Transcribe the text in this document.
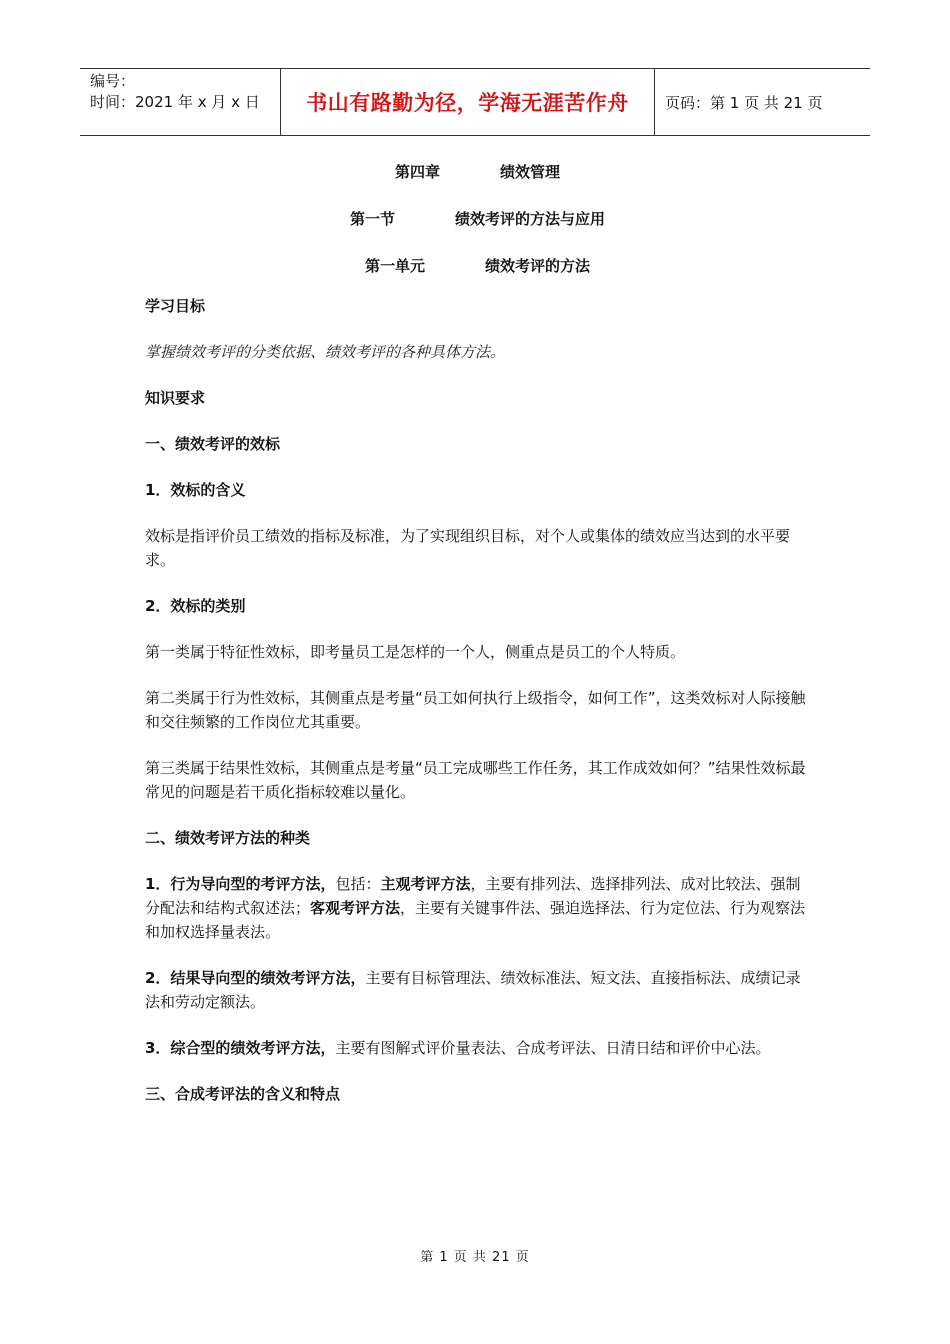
编号：
时间：2021 年 x 月 x 日	书山有路勤为径，学海无涯苦作舟	页码：第 1 页 共 21 页
第四章	绩效管理
第一节	绩效考评的方法与应用
第一单元	绩效考评的方法

学习目标

掌握绩效考评的分类依据、绩效考评的各种具体方法。

知识要求

一、绩效考评的效标

1．效标的含义

效标是指评价员工绩效的指标及标准，为了实现组织目标，对个人或集体的绩效应当达到的水平要求。

2．效标的类别

第一类属于特征性效标，即考量员工是怎样的一个人，侧重点是员工的个人特质。

第二类属于行为性效标，其侧重点是考量“员工如何执行上级指令，如何工作”，这类效标对人际接触和交往频繁的工作岗位尤其重要。

第三类属于结果性效标，其侧重点是考量“员工完成哪些工作任务，其工作成效如何？”结果性效标最常见的问题是若干质化指标较难以量化。

二、绩效考评方法的种类

1．行为导向型的考评方法，包括：主观考评方法，主要有排列法、选择排列法、成对比较法、强制分配法和结构式叙述法；客观考评方法，主要有关键事件法、强迫选择法、行为定位法、行为观察法和加权选择量表法。

2．结果导向型的绩效考评方法，主要有目标管理法、绩效标准法、短文法、直接指标法、成绩记录法和劳动定额法。

3．综合型的绩效考评方法，主要有图解式评价量表法、合成考评法、日清日结和评价中心法。

三、合成考评法的含义和特点

第 1 页 共 21 页
